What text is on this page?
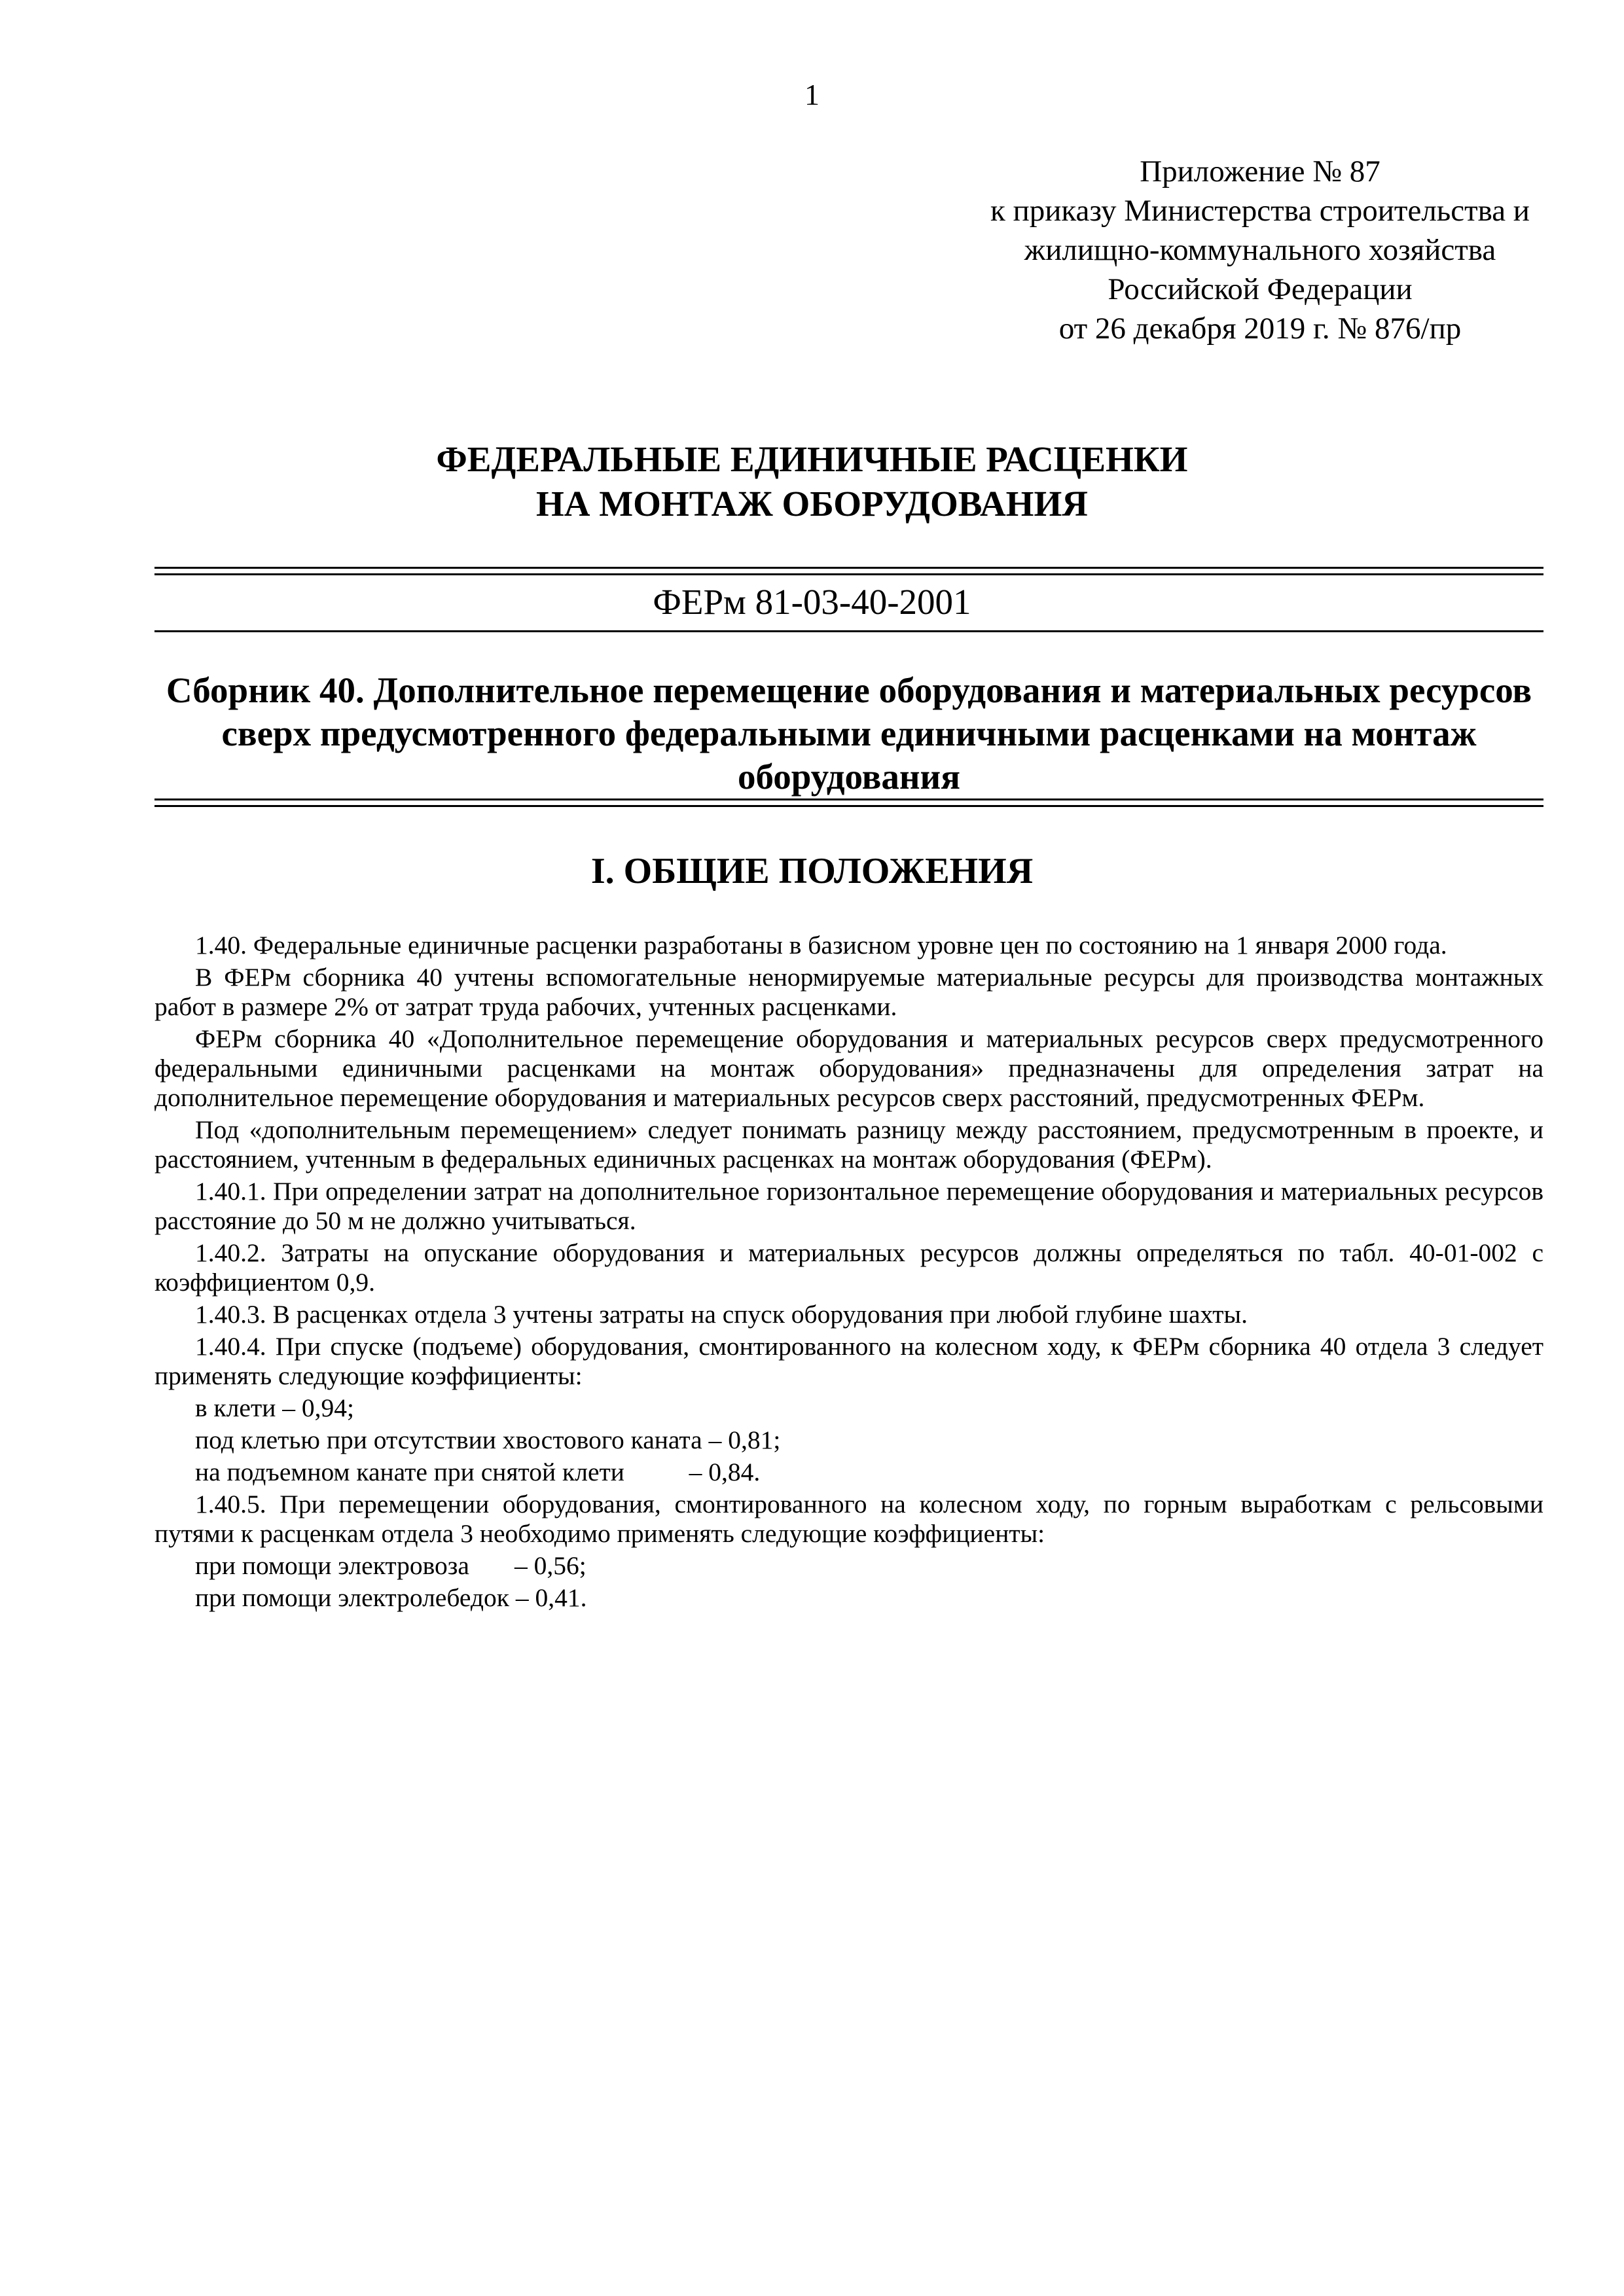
1
Приложение № 87
к приказу Министерства строительства и
жилищно-коммунального хозяйства
Российской Федерации
от 26 декабря 2019 г. № 876/пр
ФЕДЕРАЛЬНЫЕ ЕДИНИЧНЫЕ РАСЦЕНКИ
НА МОНТАЖ ОБОРУДОВАНИЯ
ФЕРм 81-03-40-2001
Сборник 40. Дополнительное перемещение оборудования и материальных ресурсов сверх предусмотренного федеральными единичными расценками на монтаж оборудования
I. ОБЩИЕ ПОЛОЖЕНИЯ

1.40. Федеральные единичные расценки разработаны в базисном уровне цен по состоянию на 1 января 2000 года.

В ФЕРм сборника 40 учтены вспомогательные ненормируемые материальные ресурсы для производства монтажных работ в размере 2% от затрат труда рабочих, учтенных расценками.

ФЕРм сборника 40 «Дополнительное перемещение оборудования и материальных ресурсов сверх предусмотренного федеральными единичными расценками на монтаж оборудования» предназначены для определения затрат на дополнительное перемещение оборудования и материальных ресурсов сверх расстояний, предусмотренных ФЕРм.

Под «дополнительным перемещением» следует понимать разницу между расстоянием, предусмотренным в проекте, и расстоянием, учтенным в федеральных единичных расценках на монтаж оборудования (ФЕРм).

1.40.1. При определении затрат на дополнительное горизонтальное перемещение оборудования и материальных ресурсов расстояние до 50 м не должно учитываться.

1.40.2. Затраты на опускание оборудования и материальных ресурсов должны определяться по табл. 40-01-002 с коэффициентом 0,9.

1.40.3. В расценках отдела 3 учтены затраты на спуск оборудования при любой глубине шахты.

1.40.4. При спуске (подъеме) оборудования, смонтированного на колесном ходу, к ФЕРм сборника 40 отдела 3 следует применять следующие коэффициенты:

в клети – 0,94;
под клетью при отсутствии хвостового каната – 0,81;
на подъемном канате при снятой клети          – 0,84.

1.40.5. При перемещении оборудования, смонтированного на колесном ходу, по горным выработкам с рельсовыми путями к расценкам отдела 3 необходимо применять следующие коэффициенты:

при помощи электровоза       – 0,56;
при помощи электролебедок – 0,41.
